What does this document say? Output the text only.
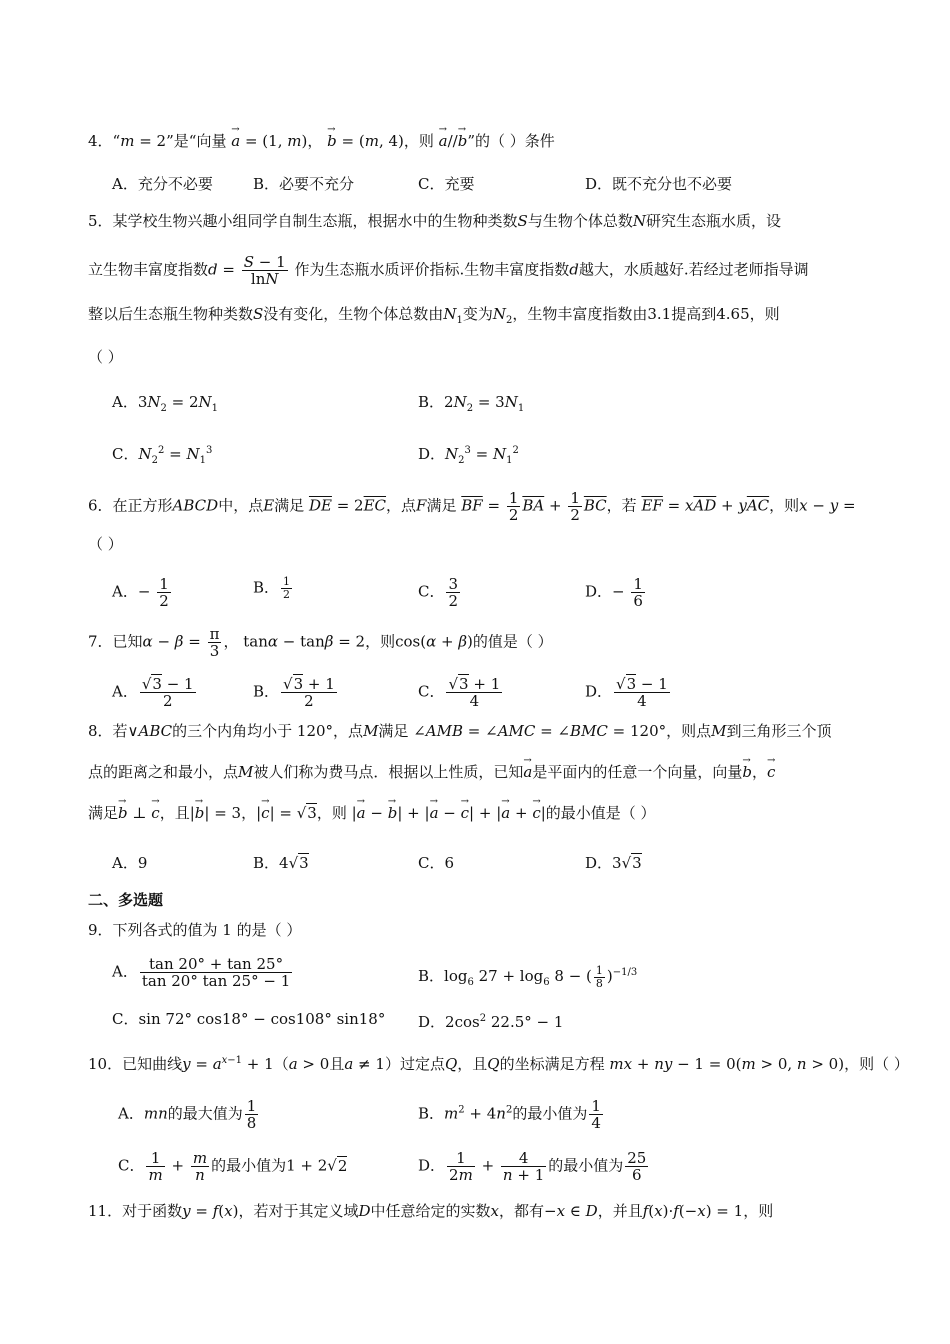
4．“m = 2”是“向量 → a = (1, m)， → b = (m, 4)，则 → a//→ b”的（ ）条件
A．充分不必要	B．必要不充分	C．充要	D．既不充分也不必要
5．某学校生物兴趣小组同学自制生态瓶，根据水中的生物种类数S与生物个体总数N研究生态瓶水质，设
立生物丰富度指数$d = \frac{S - 1}{\ln N}$ 作为生态瓶水质评价指标.生物丰富度指数d越大，水质越好.若经过老师指导调
整以后生态瓶生物种类数S没有变化，生物个体总数由$N_1$变为$N_2$，生物丰富度指数由3.1提高到4.65，则
（ ）
A．$3N_2 = 2N_1$	B．$2N_2 = 3N_1$
C．$N_2^2 = N_1^3$	D．$N_2^3 = N_1^2$
6．在正方形ABCD中，点E满足 $\overline{DE} = 2\overline{EC}$，点F满足 $\overline{BF} = \frac{1}{2} \overline{BA} + \frac{1}{2} \overline{BC}$，若 $\overline{EF} = x\overline{AD} + y\overline{AC}$，则x − y =
（ ）
A．− $\frac{1}{2}$	B． $\frac{1}{2}$	C． $\frac{3}{2}$	D．− $\frac{1}{6}$
7．已知$\alpha - \beta = \frac{\pi}{3}$ ， tanα − tanβ = 2，则cos(α + β)的值是（ ）
A． $\frac{√3 - 1}{2}$	B． $\frac{√3 + 1}{2}$	C． $\frac{√3 + 1}{4}$	D． $\frac{√3 - 1}{4}$
8．若∨ABC的三个内角均小于 120°，点M满足 ∠AMB = ∠AMC = ∠BMC = 120°，则点M到三角形三个顶
点的距离之和最小，点M被人们称为费马点．根据以上性质，已知→ a是平面内的任意一个向量，向量→ b，→ c
满足→ b ⊥ → c，且|→ b| = 3，|→ c| = √3，则 |→ a − → b| + |→ a − → c| + |→ a + → c|的最小值是（ ）
A．9	B．4√3	C．6	D．3√3
二、多选题
9．下列各式的值为 1 的是（ ）
A． $\frac{\tan 20^\circ + \tan 25^\circ}{\tan 20^\circ \tan 25^\circ - 1}$	B．$\log_6 27 + \log_6 8$ − ( $\frac{1}{8} )^{-1/3}$
C．sin 72° cos18° − cos108° sin18° D．$2\cos^2$ 22.5° − 1
10．已知曲线$y = a^{x-1} + 1(a > 0$且a ≠ 1）过定点Q，且Q的坐标满足方程 mx + ny − 1 = 0(m > 0, n > 0)，则（ ）
A．mn的最大值为 $\frac{1}{8}$	B．$m^2 + 4n^2$的最小值为 $\frac{1}{4}$
C． $\frac{1}{m} + \frac{m}{n}$ 的最小值为1 + 2√2	D． $\frac{1}{2m} + \frac{4}{n + 1}$ 的最小值为 $\frac{25}{6}$
11．对于函数y = f(x)，若对于其定义域D中任意给定的实数x，都有−x ∈ D，并且f(x)·f(−x) = 1，则
